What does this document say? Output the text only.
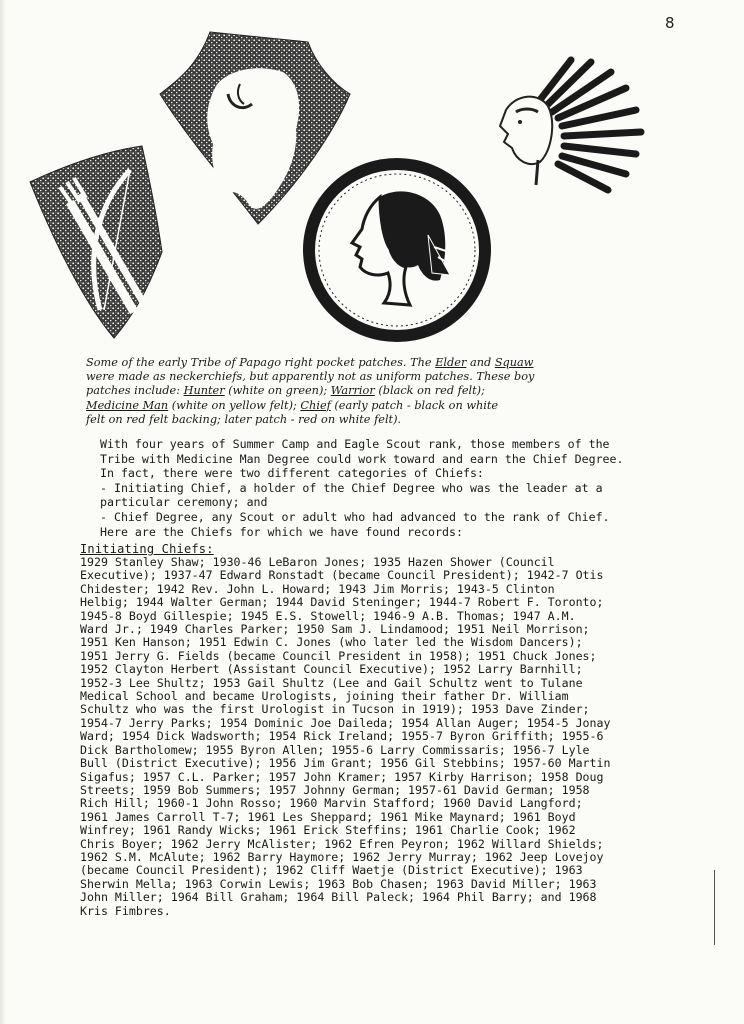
8
Some of the early Tribe of Papago right pocket patches. The Elder and Squaw
were made as neckerchiefs, but apparently not as uniform patches. These boy
patches include: Hunter (white on green); Warrior (black on red felt);
Medicine Man (white on yellow felt); Chief (early patch - black on white
felt on red felt backing; later patch - red on white felt).
With four years of Summer Camp and Eagle Scout rank, those members of the
Tribe with Medicine Man Degree could work toward and earn the Chief Degree.
In fact, there were two different categories of Chiefs:
- Initiating Chief, a holder of the Chief Degree who was the leader at a
particular ceremony; and
- Chief Degree, any Scout or adult who had advanced to the rank of Chief.
Here are the Chiefs for which we have found records:
Initiating Chiefs:
1929 Stanley Shaw; 1930-46 LeBaron Jones; 1935 Hazen Shower (Council
Executive); 1937-47 Edward Ronstadt (became Council President); 1942-7 Otis
Chidester; 1942 Rev. John L. Howard; 1943 Jim Morris; 1943-5 Clinton
Helbig; 1944 Walter German; 1944 David Steninger; 1944-7 Robert F. Toronto;
1945-8 Boyd Gillespie; 1945 E.S. Stowell; 1946-9 A.B. Thomas; 1947 A.M.
Ward Jr.; 1949 Charles Parker; 1950 Sam J. Lindamood; 1951 Neil Morrison;
1951 Ken Hanson; 1951 Edwin C. Jones (who later led the Wisdom Dancers);
1951 Jerry G. Fields (became Council President in 1958); 1951 Chuck Jones;
1952 Clayton Herbert (Assistant Council Executive); 1952 Larry Barnhill;
1952-3 Lee Shultz; 1953 Gail Shultz (Lee and Gail Schultz went to Tulane
Medical School and became Urologists, joining their father Dr. William
Schultz who was the first Urologist in Tucson in 1919); 1953 Dave Zinder;
1954-7 Jerry Parks; 1954 Dominic Joe Daileda; 1954 Allan Auger; 1954-5 Jonay
Ward; 1954 Dick Wadsworth; 1954 Rick Ireland; 1955-7 Byron Griffith; 1955-6
Dick Bartholomew; 1955 Byron Allen; 1955-6 Larry Commissaris; 1956-7 Lyle
Bull (District Executive); 1956 Jim Grant; 1956 Gil Stebbins; 1957-60 Martin
Sigafus; 1957 C.L. Parker; 1957 John Kramer; 1957 Kirby Harrison; 1958 Doug
Streets; 1959 Bob Summers; 1957 Johnny German; 1957-61 David German; 1958
Rich Hill; 1960-1 John Rosso; 1960 Marvin Stafford; 1960 David Langford;
1961 James Carroll T-7; 1961 Les Sheppard; 1961 Mike Maynard; 1961 Boyd
Winfrey; 1961 Randy Wicks; 1961 Erick Steffins; 1961 Charlie Cook; 1962
Chris Boyer; 1962 Jerry McAlister; 1962 Efren Peyron; 1962 Willard Shields;
1962 S.M. McAlute; 1962 Barry Haymore; 1962 Jerry Murray; 1962 Jeep Lovejoy
(became Council President); 1962 Cliff Waetje (District Executive); 1963
Sherwin Mella; 1963 Corwin Lewis; 1963 Bob Chasen; 1963 David Miller; 1963
John Miller; 1964 Bill Graham; 1964 Bill Paleck; 1964 Phil Barry; and 1968
Kris Fimbres.
